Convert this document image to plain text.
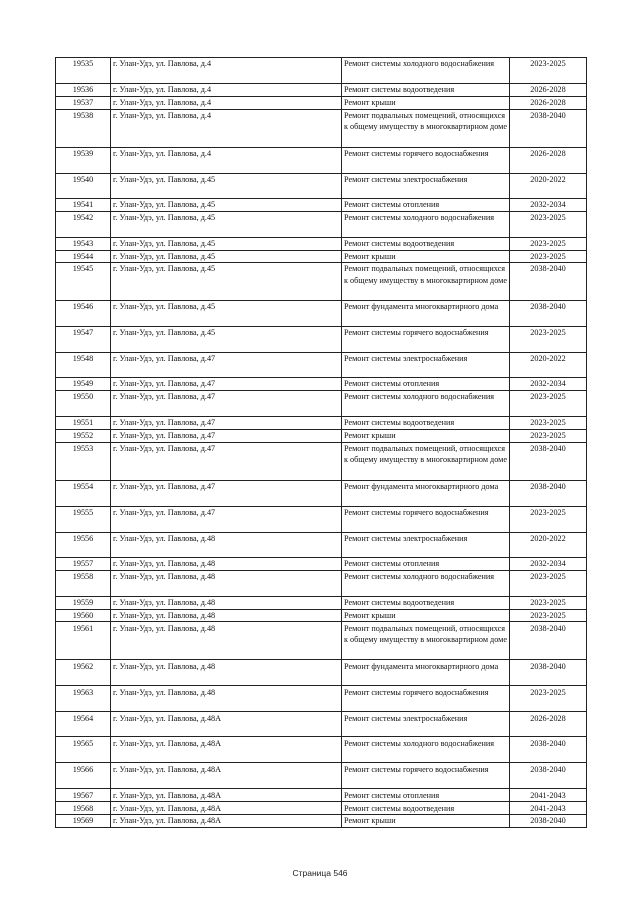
19535	г. Улан-Удэ, ул. Павлова, д.4	Ремонт системы холодного водоснабжения	2023-2025
19536	г. Улан-Удэ, ул. Павлова, д.4	Ремонт системы водоотведения	2026-2028
19537	г. Улан-Удэ, ул. Павлова, д.4	Ремонт крыши	2026-2028
19538	г. Улан-Удэ, ул. Павлова, д.4	Ремонт подвальных помещений, относящихся к общему имуществу в многоквартирном доме	2038-2040
19539	г. Улан-Удэ, ул. Павлова, д.4	Ремонт системы горячего водоснабжения	2026-2028
19540	г. Улан-Удэ, ул. Павлова, д.45	Ремонт системы электроснабжения	2020-2022
19541	г. Улан-Удэ, ул. Павлова, д.45	Ремонт системы отопления	2032-2034
19542	г. Улан-Удэ, ул. Павлова, д.45	Ремонт системы холодного водоснабжения	2023-2025
19543	г. Улан-Удэ, ул. Павлова, д.45	Ремонт системы водоотведения	2023-2025
19544	г. Улан-Удэ, ул. Павлова, д.45	Ремонт крыши	2023-2025
19545	г. Улан-Удэ, ул. Павлова, д.45	Ремонт подвальных помещений, относящихся к общему имуществу в многоквартирном доме	2038-2040
19546	г. Улан-Удэ, ул. Павлова, д.45	Ремонт фундамента многоквартирного дома	2038-2040
19547	г. Улан-Удэ, ул. Павлова, д.45	Ремонт системы горячего водоснабжения	2023-2025
19548	г. Улан-Удэ, ул. Павлова, д.47	Ремонт системы электроснабжения	2020-2022
19549	г. Улан-Удэ, ул. Павлова, д.47	Ремонт системы отопления	2032-2034
19550	г. Улан-Удэ, ул. Павлова, д.47	Ремонт системы холодного водоснабжения	2023-2025
19551	г. Улан-Удэ, ул. Павлова, д.47	Ремонт системы водоотведения	2023-2025
19552	г. Улан-Удэ, ул. Павлова, д.47	Ремонт крыши	2023-2025
19553	г. Улан-Удэ, ул. Павлова, д.47	Ремонт подвальных помещений, относящихся к общему имуществу в многоквартирном доме	2038-2040
19554	г. Улан-Удэ, ул. Павлова, д.47	Ремонт фундамента многоквартирного дома	2038-2040
19555	г. Улан-Удэ, ул. Павлова, д.47	Ремонт системы горячего водоснабжения	2023-2025
19556	г. Улан-Удэ, ул. Павлова, д.48	Ремонт системы электроснабжения	2020-2022
19557	г. Улан-Удэ, ул. Павлова, д.48	Ремонт системы отопления	2032-2034
19558	г. Улан-Удэ, ул. Павлова, д.48	Ремонт системы холодного водоснабжения	2023-2025
19559	г. Улан-Удэ, ул. Павлова, д.48	Ремонт системы водоотведения	2023-2025
19560	г. Улан-Удэ, ул. Павлова, д.48	Ремонт крыши	2023-2025
19561	г. Улан-Удэ, ул. Павлова, д.48	Ремонт подвальных помещений, относящихся к общему имуществу в многоквартирном доме	2038-2040
19562	г. Улан-Удэ, ул. Павлова, д.48	Ремонт фундамента многоквартирного дома	2038-2040
19563	г. Улан-Удэ, ул. Павлова, д.48	Ремонт системы горячего водоснабжения	2023-2025
19564	г. Улан-Удэ, ул. Павлова, д.48А	Ремонт системы электроснабжения	2026-2028
19565	г. Улан-Удэ, ул. Павлова, д.48А	Ремонт системы холодного водоснабжения	2038-2040
19566	г. Улан-Удэ, ул. Павлова, д.48А	Ремонт системы горячего водоснабжения	2038-2040
19567	г. Улан-Удэ, ул. Павлова, д.48А	Ремонт системы отопления	2041-2043
19568	г. Улан-Удэ, ул. Павлова, д.48А	Ремонт системы водоотведения	2041-2043
19569	г. Улан-Удэ, ул. Павлова, д.48А	Ремонт крыши	2038-2040
Страница 546
